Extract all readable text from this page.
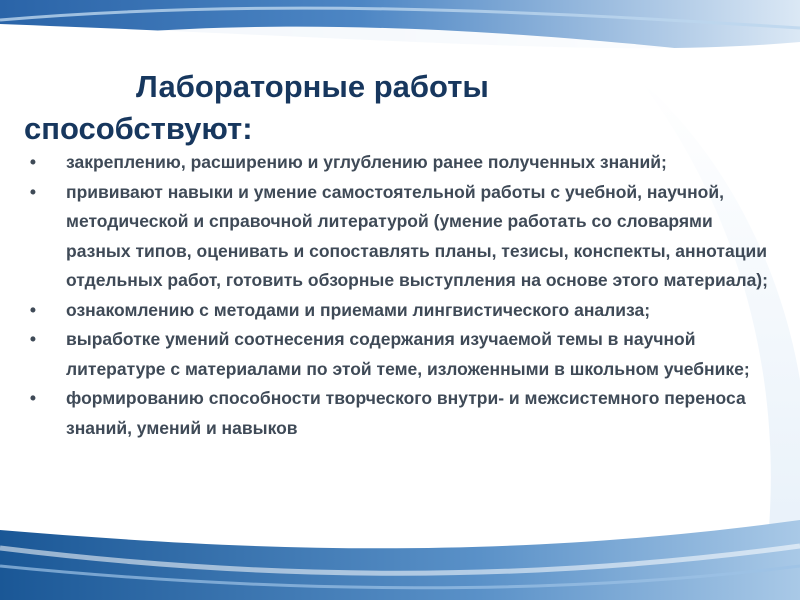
Лабораторные работы
способствуют:
• закреплению, расширению и углублению ранее полученных знаний;
• прививают навыки и умение самостоятельной работы с учебной, научной, методической и справочной литературой (умение работать со словарями разных типов, оценивать и сопоставлять планы, тезисы, конспекты, аннотации отдельных работ, готовить обзорные выступления на основе этого материала);
• ознакомлению с методами и приемами лингвистического анализа;
• выработке умений соотнесения содержания изучаемой темы в научной литературе с материалами по этой теме, изложенными в школьном учебнике;
• формированию способности творческого внутри- и межсистемного переноса знаний, умений и навыков
